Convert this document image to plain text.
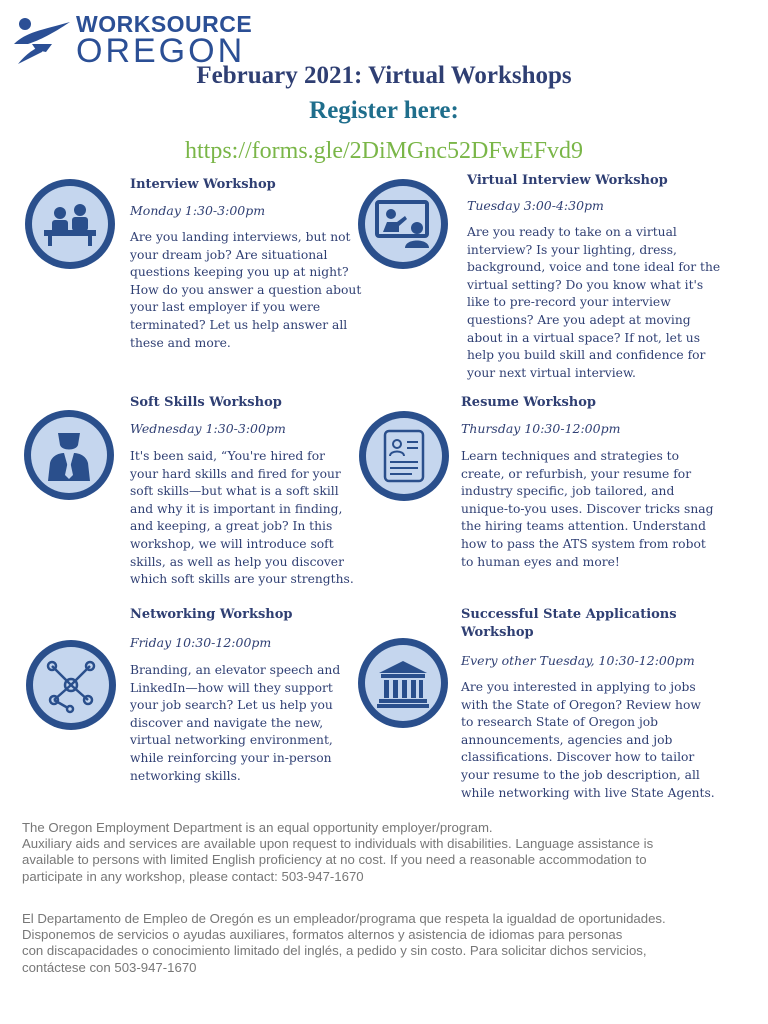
WORKSOURCE
OREGON
February 2021: Virtual Workshops
Register here:
https://forms.gle/2DiMGnc52DFwEFvd9
Interview Workshop
Monday 1:30-3:00pm
Are you landing interviews, but not
your dream job? Are situational
questions keeping you up at night?
How do you answer a question about
your last employer if you were
terminated? Let us help answer all
these and more.
Virtual Interview Workshop
Tuesday 3:00-4:30pm
Are you ready to take on a virtual
interview? Is your lighting, dress,
background, voice and tone ideal for the
virtual setting? Do you know what it's
like to pre-record your interview
questions? Are you adept at moving
about in a virtual space? If not, let us
help you build skill and confidence for
your next virtual interview.
Soft Skills Workshop
Wednesday 1:30-3:00pm
It's been said, “You're hired for
your hard skills and fired for your
soft skills—but what is a soft skill
and why it is important in finding,
and keeping, a great job? In this
workshop, we will introduce soft
skills, as well as help you discover
which soft skills are your strengths.
Resume Workshop
Thursday 10:30-12:00pm
Learn techniques and strategies to
create, or refurbish, your resume for
industry specific, job tailored, and
unique-to-you uses. Discover tricks snag
the hiring teams attention. Understand
how to pass the ATS system from robot
to human eyes and more!
Networking Workshop
Friday 10:30-12:00pm
Branding, an elevator speech and
LinkedIn—how will they support
your job search? Let us help you
discover and navigate the new,
virtual networking environment,
while reinforcing your in-person
networking skills.
Successful State Applications
Workshop
Every other Tuesday, 10:30-12:00pm
Are you interested in applying to jobs
with the State of Oregon? Review how
to research State of Oregon job
announcements, agencies and job
classifications. Discover how to tailor
your resume to the job description, all
while networking with live State Agents.
The Oregon Employment Department is an equal opportunity employer/program.
Auxiliary aids and services are available upon request to individuals with disabilities. Language assistance is
available to persons with limited English proficiency at no cost. If you need a reasonable accommodation to
participate in any workshop, please contact: 503-947-1670
El Departamento de Empleo de Oregón es un empleador/programa que respeta la igualdad de oportunidades.
Disponemos de servicios o ayudas auxiliares, formatos alternos y asistencia de idiomas para personas
con discapacidades o conocimiento limitado del inglés, a pedido y sin costo. Para solicitar dichos servicios,
contáctese con 503-947-1670
